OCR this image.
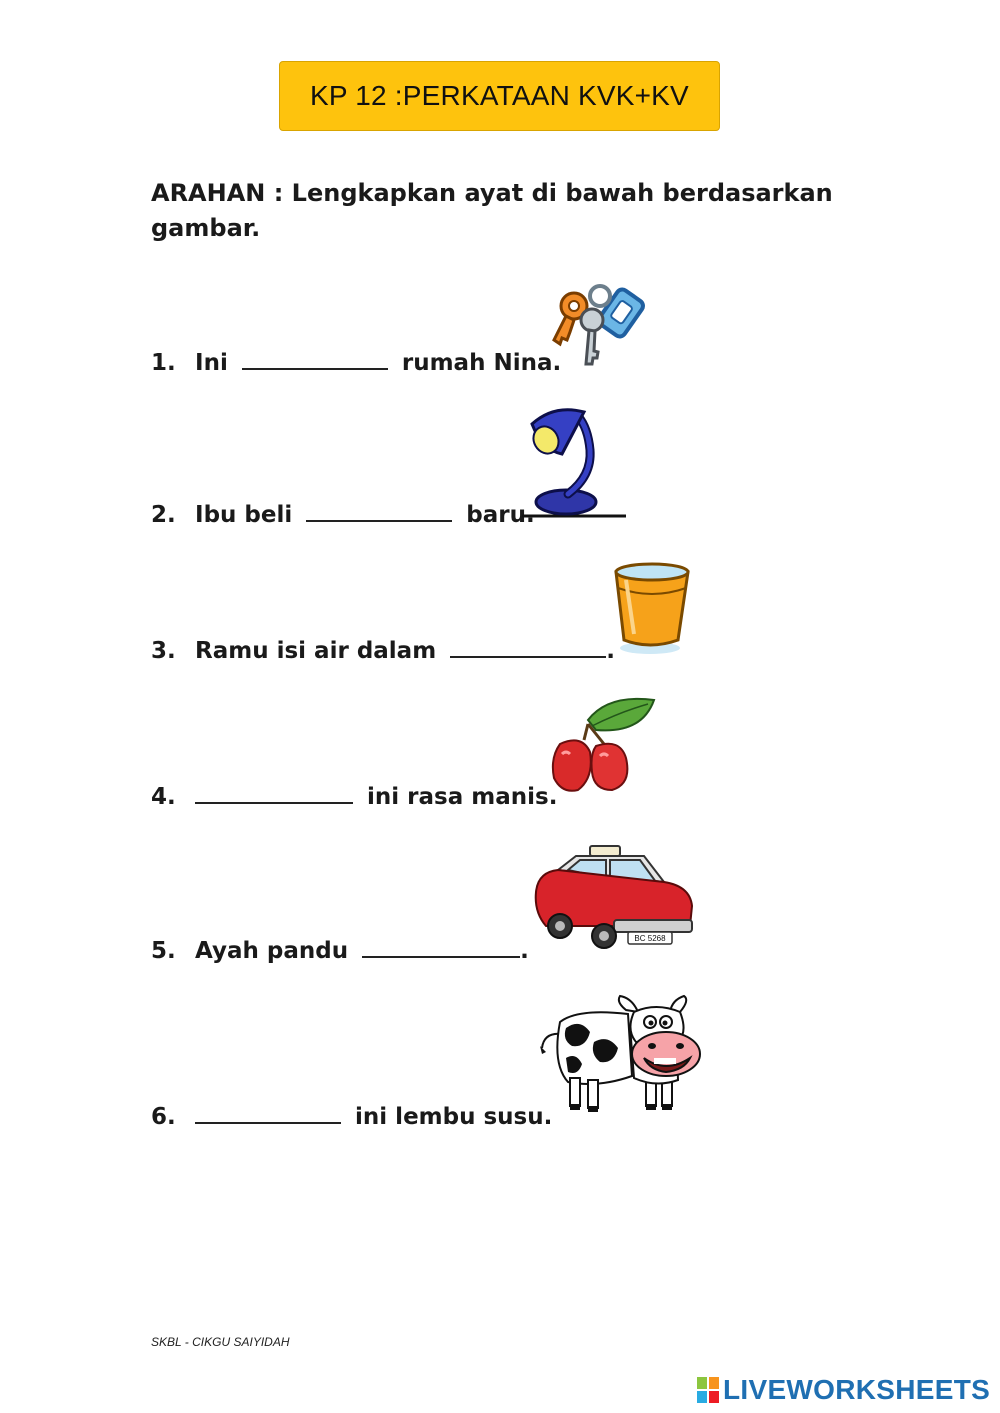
KP 12 :PERKATAAN KVK+KV
ARAHAN : Lengkapkan ayat di bawah berdasarkan gambar.
1. Ini	rumah Nina.
2. Ibu beli	baru.
3. Ramu isi air dalam	.
4.	ini rasa manis.
5. Ayah pandu	.
6.	ini lembu susu.
BC 5268
SKBL - CIKGU SAIYIDAH
LIVEWORKSHEETS
